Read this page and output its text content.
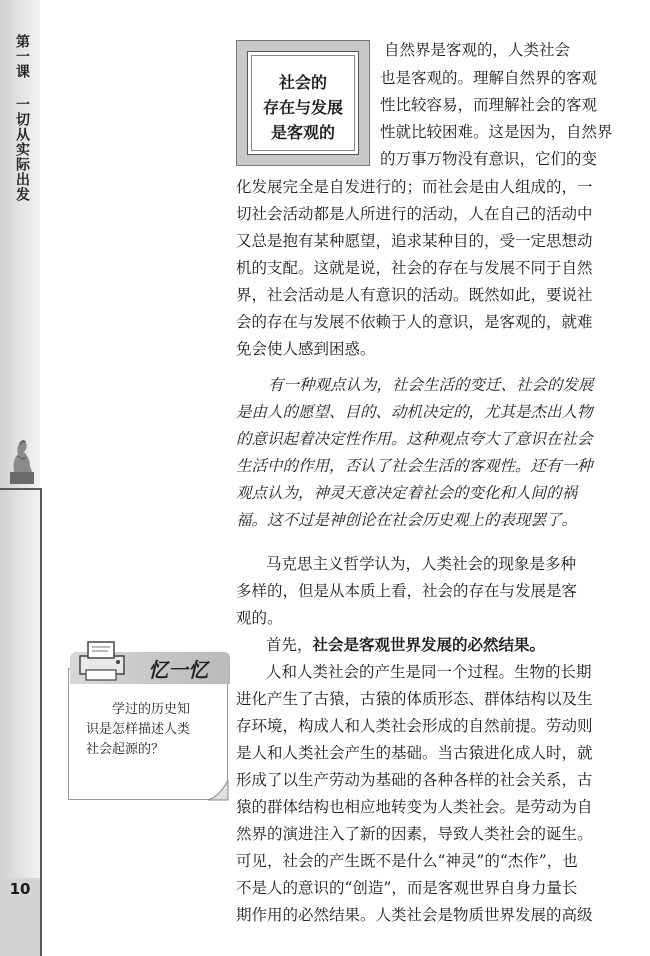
第一课一切从实际出发
10
社会的
存在与发展
是客观的
自然界是客观的，人类社会
也是客观的。理解自然界的客观
性比较容易，而理解社会的客观
性就比较困难。这是因为，自然界
的万事万物没有意识，它们的变
化发展完全是自发进行的；而社会是由人组成的，一
切社会活动都是人所进行的活动，人在自己的活动中
又总是抱有某种愿望，追求某种目的，受一定思想动
机的支配。这就是说，社会的存在与发展不同于自然
界，社会活动是人有意识的活动。既然如此，要说社
会的存在与发展不依赖于人的意识，是客观的，就难
免会使人感到困惑。
有一种观点认为，社会生活的变迁、社会的发展
是由人的愿望、目的、动机决定的，尤其是杰出人物
的意识起着决定性作用。这种观点夸大了意识在社会
生活中的作用，否认了社会生活的客观性。还有一种
观点认为，神灵天意决定着社会的变化和人间的祸
福。这不过是神创论在社会历史观上的表现罢了。
马克思主义哲学认为，人类社会的现象是多种
多样的，但是从本质上看，社会的存在与发展是客
观的。
首先，社会是客观世界发展的必然结果。
人和人类社会的产生是同一个过程。生物的长期
进化产生了古猿，古猿的体质形态、群体结构以及生
存环境，构成人和人类社会形成的自然前提。劳动则
是人和人类社会产生的基础。当古猿进化成人时，就
形成了以生产劳动为基础的各种各样的社会关系，古
猿的群体结构也相应地转变为人类社会。是劳动为自
然界的演进注入了新的因素，导致人类社会的诞生。
可见，社会的产生既不是什么“神灵”的“杰作”，也
不是人的意识的“创造”，而是客观世界自身力量长
期作用的必然结果。人类社会是物质世界发展的高级
忆一忆
学过的历史知
识是怎样描述人类
社会起源的？
